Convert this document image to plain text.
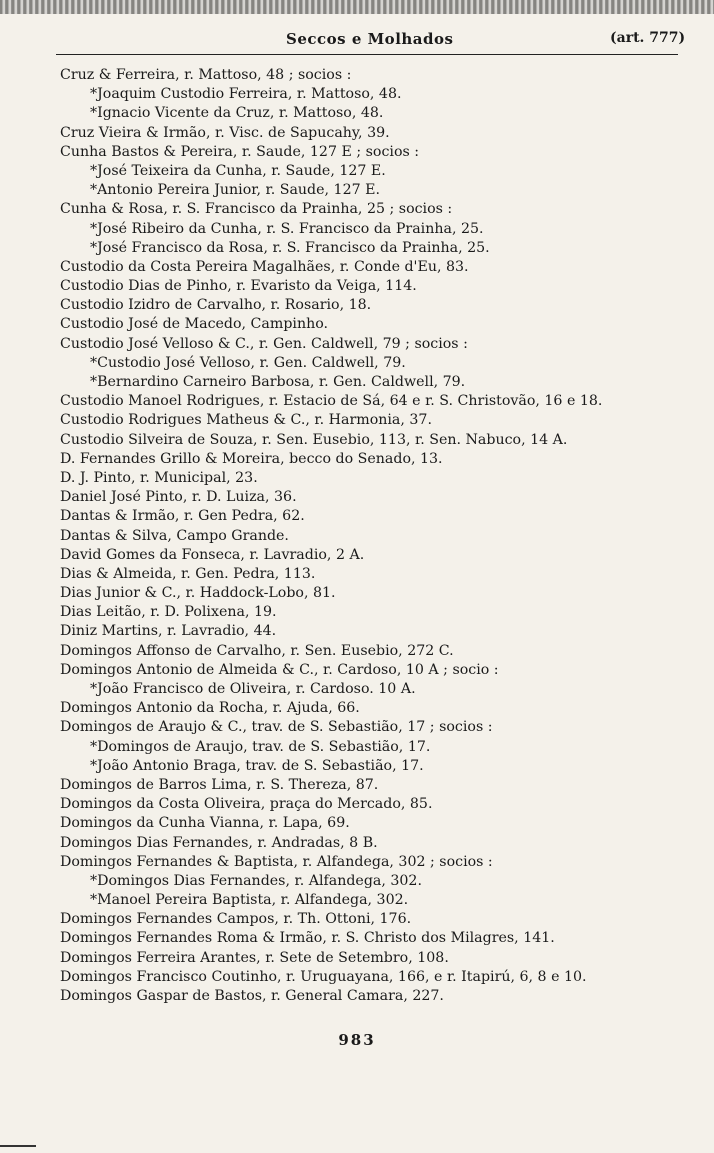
Seccos e Molhados	(art. 777)
Cruz & Ferreira, r. Mattoso, 48 ; socios :
*Joaquim Custodio Ferreira, r. Mattoso, 48.
*Ignacio Vicente da Cruz, r. Mattoso, 48.
Cruz Vieira & Irmão, r. Visc. de Sapucahy, 39.
Cunha Bastos & Pereira, r. Saude, 127 E ; socios :
*José Teixeira da Cunha, r. Saude, 127 E.
*Antonio Pereira Junior, r. Saude, 127 E.
Cunha & Rosa, r. S. Francisco da Prainha, 25 ; socios :
*José Ribeiro da Cunha, r. S. Francisco da Prainha, 25.
*José Francisco da Rosa, r. S. Francisco da Prainha, 25.
Custodio da Costa Pereira Magalhães, r. Conde d'Eu, 83.
Custodio Dias de Pinho, r. Evaristo da Veiga, 114.
Custodio Izidro de Carvalho, r. Rosario, 18.
Custodio José de Macedo, Campinho.
Custodio José Velloso & C., r. Gen. Caldwell, 79 ; socios :
*Custodio José Velloso, r. Gen. Caldwell, 79.
*Bernardino Carneiro Barbosa, r. Gen. Caldwell, 79.
Custodio Manoel Rodrigues, r. Estacio de Sá, 64 e r. S. Christovão, 16 e 18.
Custodio Rodrigues Matheus & C., r. Harmonia, 37.
Custodio Silveira de Souza, r. Sen. Eusebio, 113, r. Sen. Nabuco, 14 A.
D. Fernandes Grillo & Moreira, becco do Senado, 13.
D. J. Pinto, r. Municipal, 23.
Daniel José Pinto, r. D. Luiza, 36.
Dantas & Irmão, r. Gen Pedra, 62.
Dantas & Silva, Campo Grande.
David Gomes da Fonseca, r. Lavradio, 2 A.
Dias & Almeida, r. Gen. Pedra, 113.
Dias Junior & C., r. Haddock-Lobo, 81.
Dias Leitão, r. D. Polixena, 19.
Diniz Martins, r. Lavradio, 44.
Domingos Affonso de Carvalho, r. Sen. Eusebio, 272 C.
Domingos Antonio de Almeida & C., r. Cardoso, 10 A ; socio :
*João Francisco de Oliveira, r. Cardoso. 10 A.
Domingos Antonio da Rocha, r. Ajuda, 66.
Domingos de Araujo & C., trav. de S. Sebastião, 17 ; socios :
*Domingos de Araujo, trav. de S. Sebastião, 17.
*João Antonio Braga, trav. de S. Sebastião, 17.
Domingos de Barros Lima, r. S. Thereza, 87.
Domingos da Costa Oliveira, praça do Mercado, 85.
Domingos da Cunha Vianna, r. Lapa, 69.
Domingos Dias Fernandes, r. Andradas, 8 B.
Domingos Fernandes & Baptista, r. Alfandega, 302 ; socios :
*Domingos Dias Fernandes, r. Alfandega, 302.
*Manoel Pereira Baptista, r. Alfandega, 302.
Domingos Fernandes Campos, r. Th. Ottoni, 176.
Domingos Fernandes Roma & Irmão, r. S. Christo dos Milagres, 141.
Domingos Ferreira Arantes, r. Sete de Setembro, 108.
Domingos Francisco Coutinho, r. Uruguayana, 166, e r. Itapirú, 6, 8 e 10.
Domingos Gaspar de Bastos, r. General Camara, 227.
983
